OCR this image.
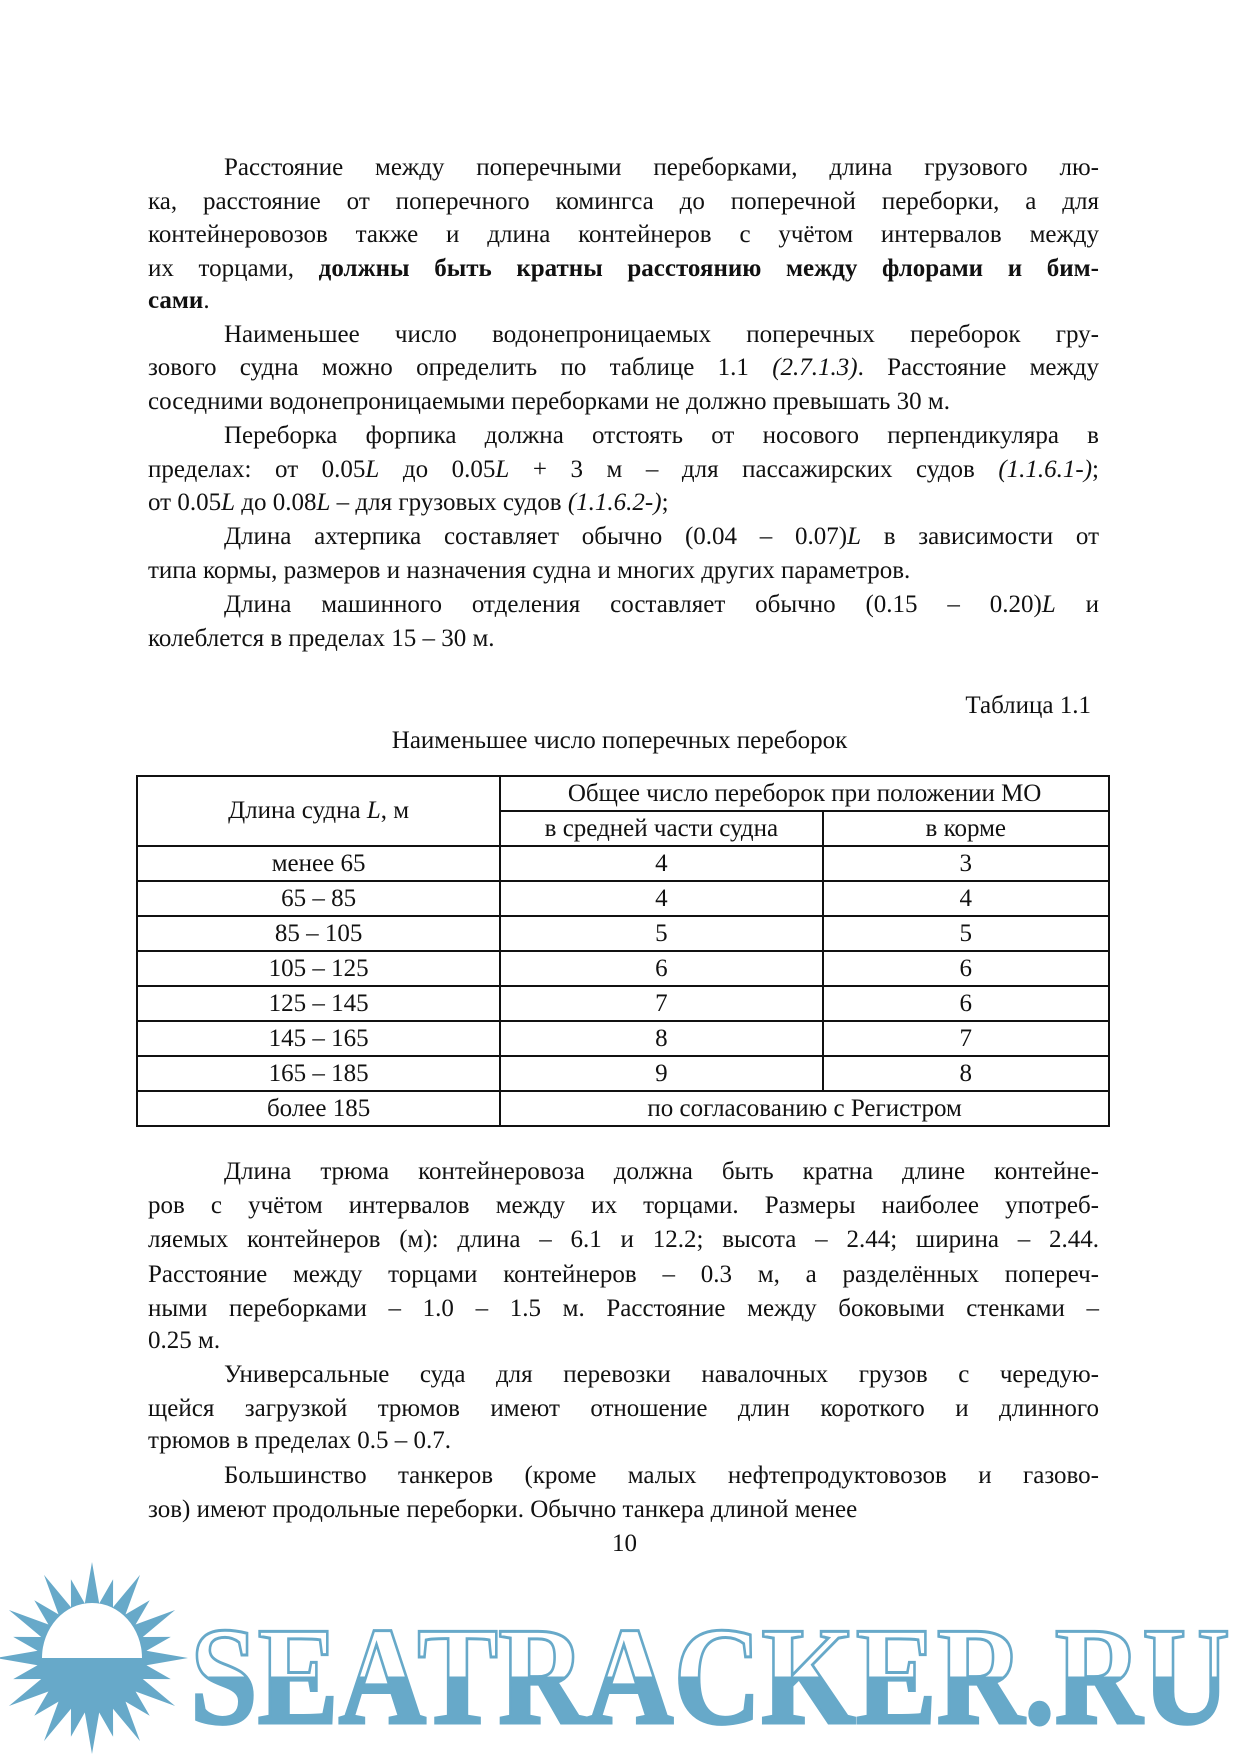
Расстояние между поперечными переборками, длина грузового лю-
ка, расстояние от поперечного комингса до поперечной переборки, а для
контейнеровозов также и длина контейнеров с учётом интервалов между
их торцами, должны быть кратны расстоянию между флорами и бим-
сами.
Наименьшее число водонепроницаемых поперечных переборок гру-
зового судна можно определить по таблице 1.1 (2.7.1.3). Расстояние между
соседними водонепроницаемыми переборками не должно превышать 30 м.
Переборка форпика должна отстоять от носового перпендикуляра в
пределах: от 0.05L до 0.05L + 3 м – для пассажирских судов (1.1.6.1-);
от 0.05L до 0.08L – для грузовых судов (1.1.6.2-);
Длина ахтерпика составляет обычно (0.04 – 0.07)L в зависимости от
типа кормы, размеров и назначения судна и многих других параметров.
Длина машинного отделения составляет обычно (0.15 – 0.20)L и
колеблется в пределах 15 – 30 м.
Таблица 1.1
Наименьшее число поперечных переборок
Длина судна L, м	Общее число переборок при положении МО	
	в средней части судна	в корме
менее 65	4	3
65 – 85	4	4
85 – 105	5	5
105 – 125	6	6
125 – 145	7	6
145 – 165	8	7
165 – 185	9	8
более 185	по согласованию с Регистром	
Длина трюма контейнеровоза должна быть кратна длине контейне-
ров с учётом интервалов между их торцами. Размеры наиболее употреб-
ляемых контейнеров (м): длина – 6.1 и 12.2; высота – 2.44; ширина – 2.44.
Расстояние между торцами контейнеров – 0.3 м, а разделённых попереч-
ными переборками – 1.0 – 1.5 м. Расстояние между боковыми стенками –
0.25 м.
Универсальные суда для перевозки навалочных грузов с чередую-
щейся загрузкой трюмов имеют отношение длин короткого и длинного
трюмов в пределах 0.5 – 0.7.
Большинство танкеров (кроме малых нефтепродуктовозов и газово-
зов) имеют продольные переборки. Обычно танкера длиной менее
10
SEATRACKER.RU
